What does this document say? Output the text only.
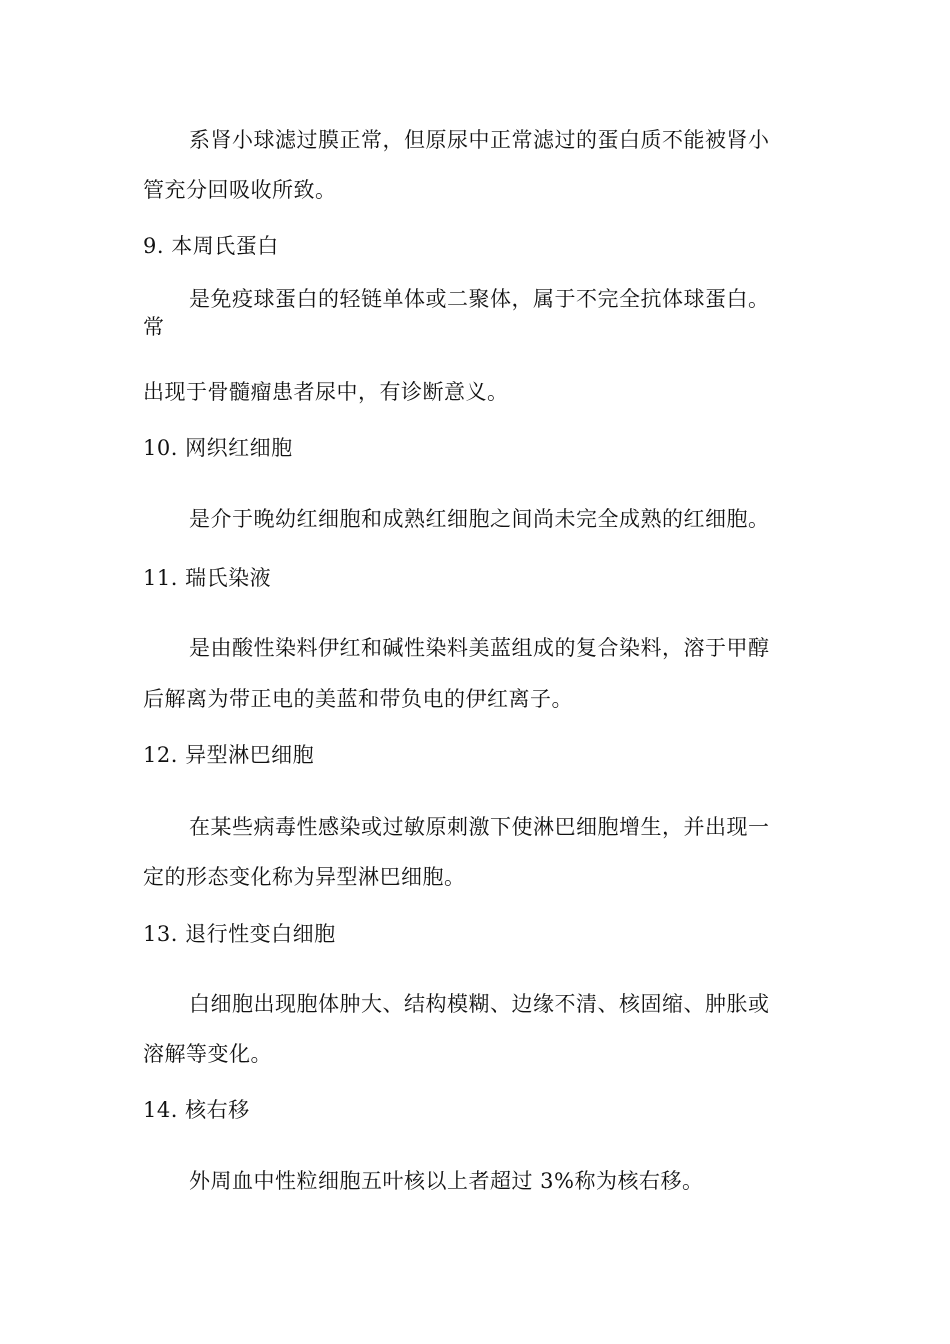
系肾小球滤过膜正常，但原尿中正常滤过的蛋白质不能被肾小

管充分回吸收所致。

9. 本周氏蛋白

是免疫球蛋白的轻链单体或二聚体，属于不完全抗体球蛋白。

常

出现于骨髓瘤患者尿中，有诊断意义。

10. 网织红细胞

是介于晚幼红细胞和成熟红细胞之间尚未完全成熟的红细胞。

11. 瑞氏染液

是由酸性染料伊红和碱性染料美蓝组成的复合染料，溶于甲醇

后解离为带正电的美蓝和带负电的伊红离子。

12. 异型淋巴细胞

在某些病毒性感染或过敏原刺激下使淋巴细胞增生，并出现一

定的形态变化称为异型淋巴细胞。

13. 退行性变白细胞

白细胞出现胞体肿大、结构模糊、边缘不清、核固缩、肿胀或

溶解等变化。

14. 核右移

外周血中性粒细胞五叶核以上者超过 3%称为核右移。
